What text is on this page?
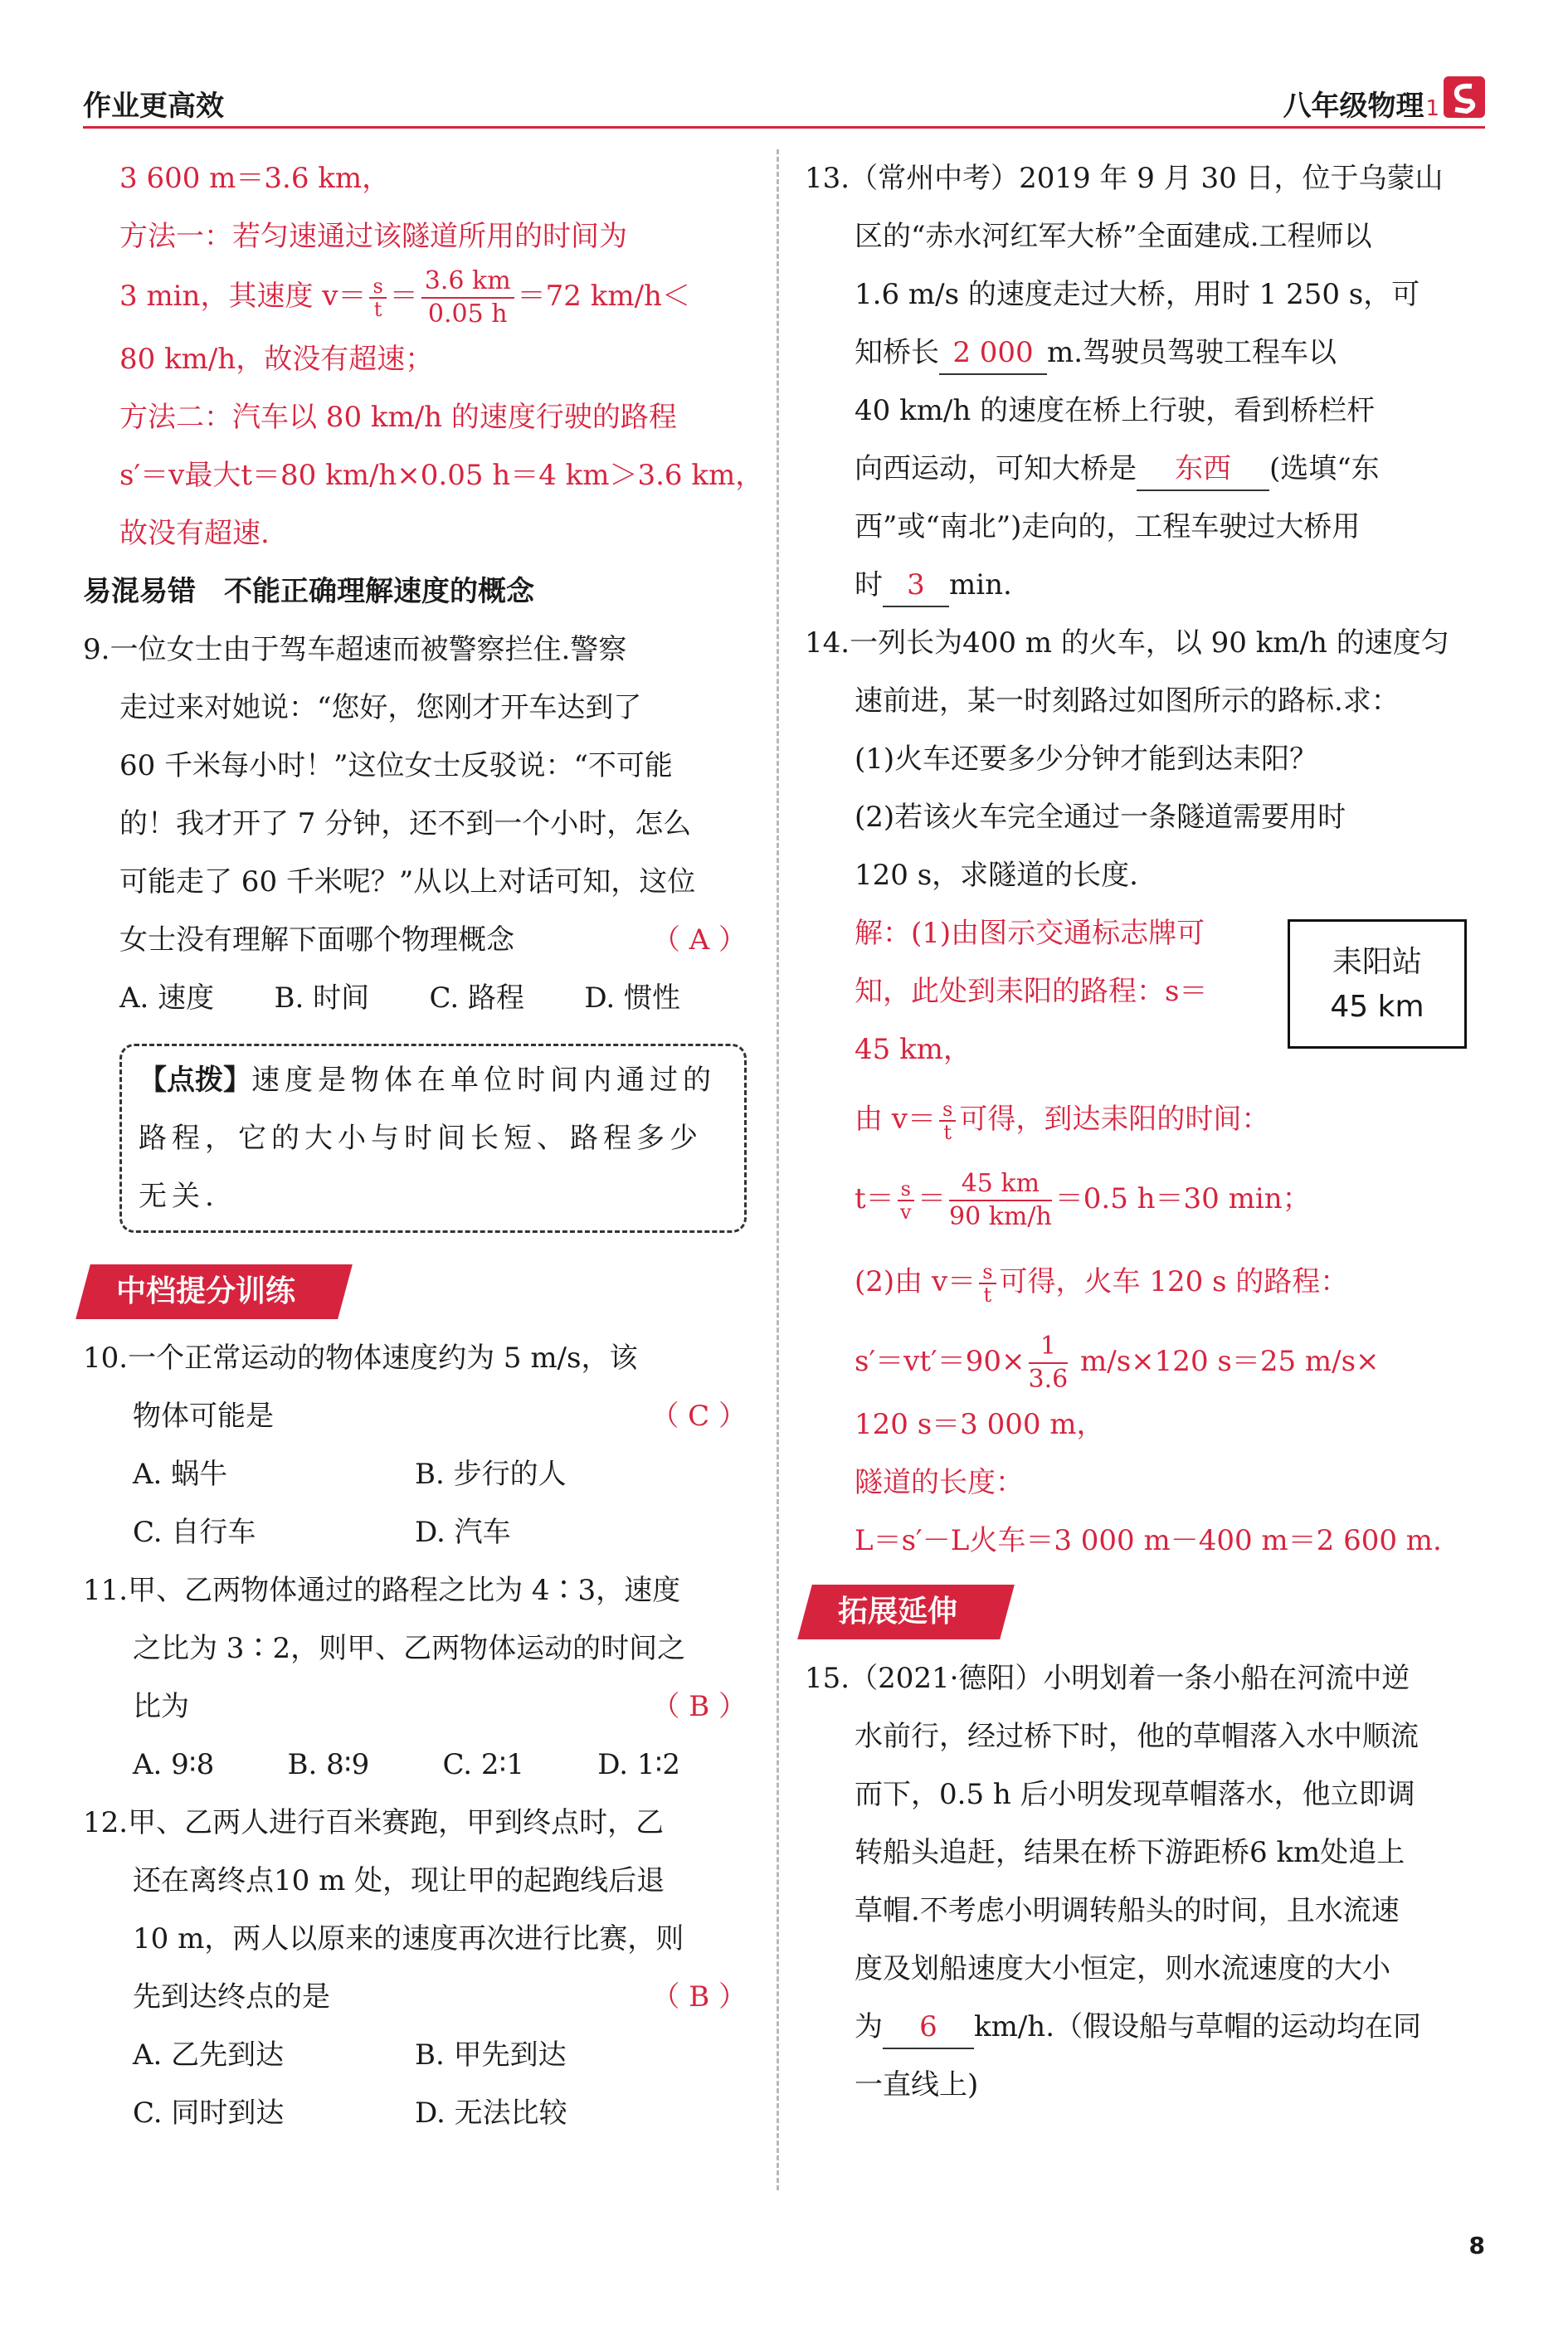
作业更高效	八年级物理1
3 600 m＝3.6 km，
方法一：若匀速通过该隧道所用的时间为
3 min，其速度 $v= \frac{s}{t} = \frac{3.6 km}{0.05 h} =72$ km/h＜
80 km/h，故没有超速；
方法二：汽车以 80 km/h 的速度行驶的路程
s′＝v最大t＝80 km/h×0.05 h＝4 km＞3.6 km，
故没有超速.
易混易错　不能正确理解速度的概念
9.一位女士由于驾车超速而被警察拦住.警察
走过来对她说：“您好，您刚才开车达到了
60 千米每小时！”这位女士反驳说：“不可能
的！我才开了 7 分钟，还不到一个小时，怎么
可能走了 60 千米呢？”从以上对话可知，这位
女士没有理解下面哪个物理概念	（ A ）
A. 速度 B. 时间 C. 路程 D. 惯性
【点拨】速度是物体在单位时间内通过的
路程，它的大小与时间长短、路程多少
无关.
中档提分训练
10.一个正常运动的物体速度约为 5 m/s，该
物体可能是	（ C ）
A. 蜗牛	B. 步行的人
C. 自行车	D. 汽车
11.甲、乙两物体通过的路程之比为 4∶3，速度
之比为 3∶2，则甲、乙两物体运动的时间之
比为	（ B ）
A. 9∶8	B. 8∶9	C. 2∶1	D. 1∶2
12.甲、乙两人进行百米赛跑，甲到终点时，乙
还在离终点10 m 处，现让甲的起跑线后退
10 m，两人以原来的速度再次进行比赛，则
先到达终点的是	（ B ）
A. 乙先到达	B. 甲先到达
C. 同时到达	D. 无法比较
13.（常州中考）2019 年 9 月 30 日，位于乌蒙山
区的“赤水河红军大桥”全面建成.工程师以
1.6 m/s 的速度走过大桥，用时 1 250 s，可
知桥长 2 000 m.驾驶员驾驶工程车以
40 km/h 的速度在桥上行驶，看到桥栏杆
向西运动，可知大桥是 东西 (选填“东
西”或“南北”)走向的，工程车驶过大桥用
时 3 min.
14.一列长为400 m 的火车，以 90 km/h 的速度匀
速前进，某一时刻路过如图所示的路标.求：
(1)火车还要多少分钟才能到达耒阳？
(2)若该火车完全通过一条隧道需要用时
120 s，求隧道的长度.
解：(1)由图示交通标志牌可
知，此处到耒阳的路程：s＝
45 km，
由 $v= \frac{s}{t}$ 可得，到达耒阳的时间：
$t= \frac{s}{v} = \frac{45 km}{90 km/h} =0.5$ h＝30 min；
(2)由 $v= \frac{s}{t}$ 可得，火车 120 s 的路程：
$s'=vt'=90\times \frac{1}{3.6} m/s\times 120$ s＝25 m/s×
120 s＝3 000 m，
隧道的长度：
L＝s′－L火车＝3 000 m－400 m＝2 600 m.
拓展延伸
15.（2021·德阳）小明划着一条小船在河流中逆
水前行，经过桥下时，他的草帽落入水中顺流
而下，0.5 h 后小明发现草帽落水，他立即调
转船头追赶，结果在桥下游距桥6 km处追上
草帽.不考虑小明调转船头的时间，且水流速
度及划船速度大小恒定，则水流速度的大小
为 6 km/h.（假设船与草帽的运动均在同
一直线上)
耒阳站
45 km
8
